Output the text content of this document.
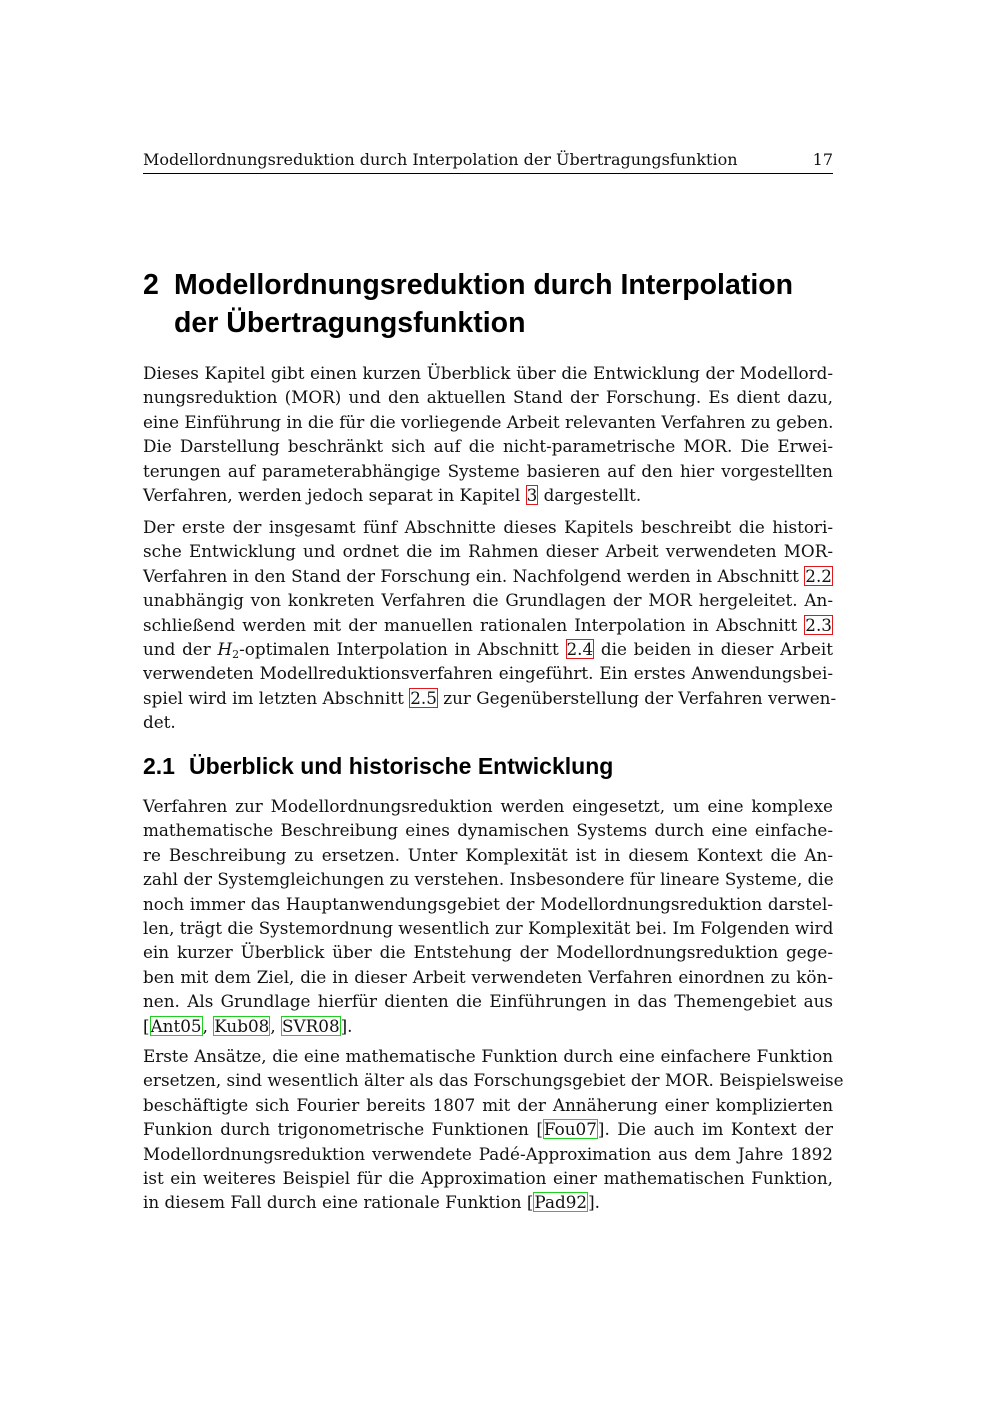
Modellordnungsreduktion durch Interpolation der Übertragungsfunktion	17
2 Modellordnungsreduktion durch Interpolation
der Übertragungsfunktion
Dieses Kapitel gibt einen kurzen Überblick über die Entwicklung der Modellord-
nungsreduktion (MOR) und den aktuellen Stand der Forschung. Es dient dazu,
eine Einführung in die für die vorliegende Arbeit relevanten Verfahren zu geben.
Die Darstellung beschränkt sich auf die nicht-parametrische MOR. Die Erwei-
terungen auf parameterabhängige Systeme basieren auf den hier vorgestellten
Verfahren, werden jedoch separat in Kapitel 3 dargestellt.
Der erste der insgesamt fünf Abschnitte dieses Kapitels beschreibt die histori-
sche Entwicklung und ordnet die im Rahmen dieser Arbeit verwendeten MOR-
Verfahren in den Stand der Forschung ein. Nachfolgend werden in Abschnitt 2.2
unabhängig von konkreten Verfahren die Grundlagen der MOR hergeleitet. An-
schließend werden mit der manuellen rationalen Interpolation in Abschnitt 2.3
und der $H_2$-optimalen Interpolation in Abschnitt 2.4 die beiden in dieser Arbeit
verwendeten Modellreduktionsverfahren eingeführt. Ein erstes Anwendungsbei-
spiel wird im letzten Abschnitt 2.5 zur Gegenüberstellung der Verfahren verwen-
det.
2.1 Überblick und historische Entwicklung
Verfahren zur Modellordnungsreduktion werden eingesetzt, um eine komplexe
mathematische Beschreibung eines dynamischen Systems durch eine einfache-
re Beschreibung zu ersetzen. Unter Komplexität ist in diesem Kontext die An-
zahl der Systemgleichungen zu verstehen. Insbesondere für lineare Systeme, die
noch immer das Hauptanwendungsgebiet der Modellordnungsreduktion darstel-
len, trägt die Systemordnung wesentlich zur Komplexität bei. Im Folgenden wird
ein kurzer Überblick über die Entstehung der Modellordnungsreduktion gege-
ben mit dem Ziel, die in dieser Arbeit verwendeten Verfahren einordnen zu kön-
nen. Als Grundlage hierfür dienten die Einführungen in das Themengebiet aus
[Ant05, Kub08, SVR08].
Erste Ansätze, die eine mathematische Funktion durch eine einfachere Funktion
ersetzen, sind wesentlich älter als das Forschungsgebiet der MOR. Beispielsweise
beschäftigte sich Fourier bereits 1807 mit der Annäherung einer komplizierten
Funkion durch trigonometrische Funktionen [Fou07]. Die auch im Kontext der
Modellordnungsreduktion verwendete Padé-Approximation aus dem Jahre 1892
ist ein weiteres Beispiel für die Approximation einer mathematischen Funktion,
in diesem Fall durch eine rationale Funktion [Pad92].
